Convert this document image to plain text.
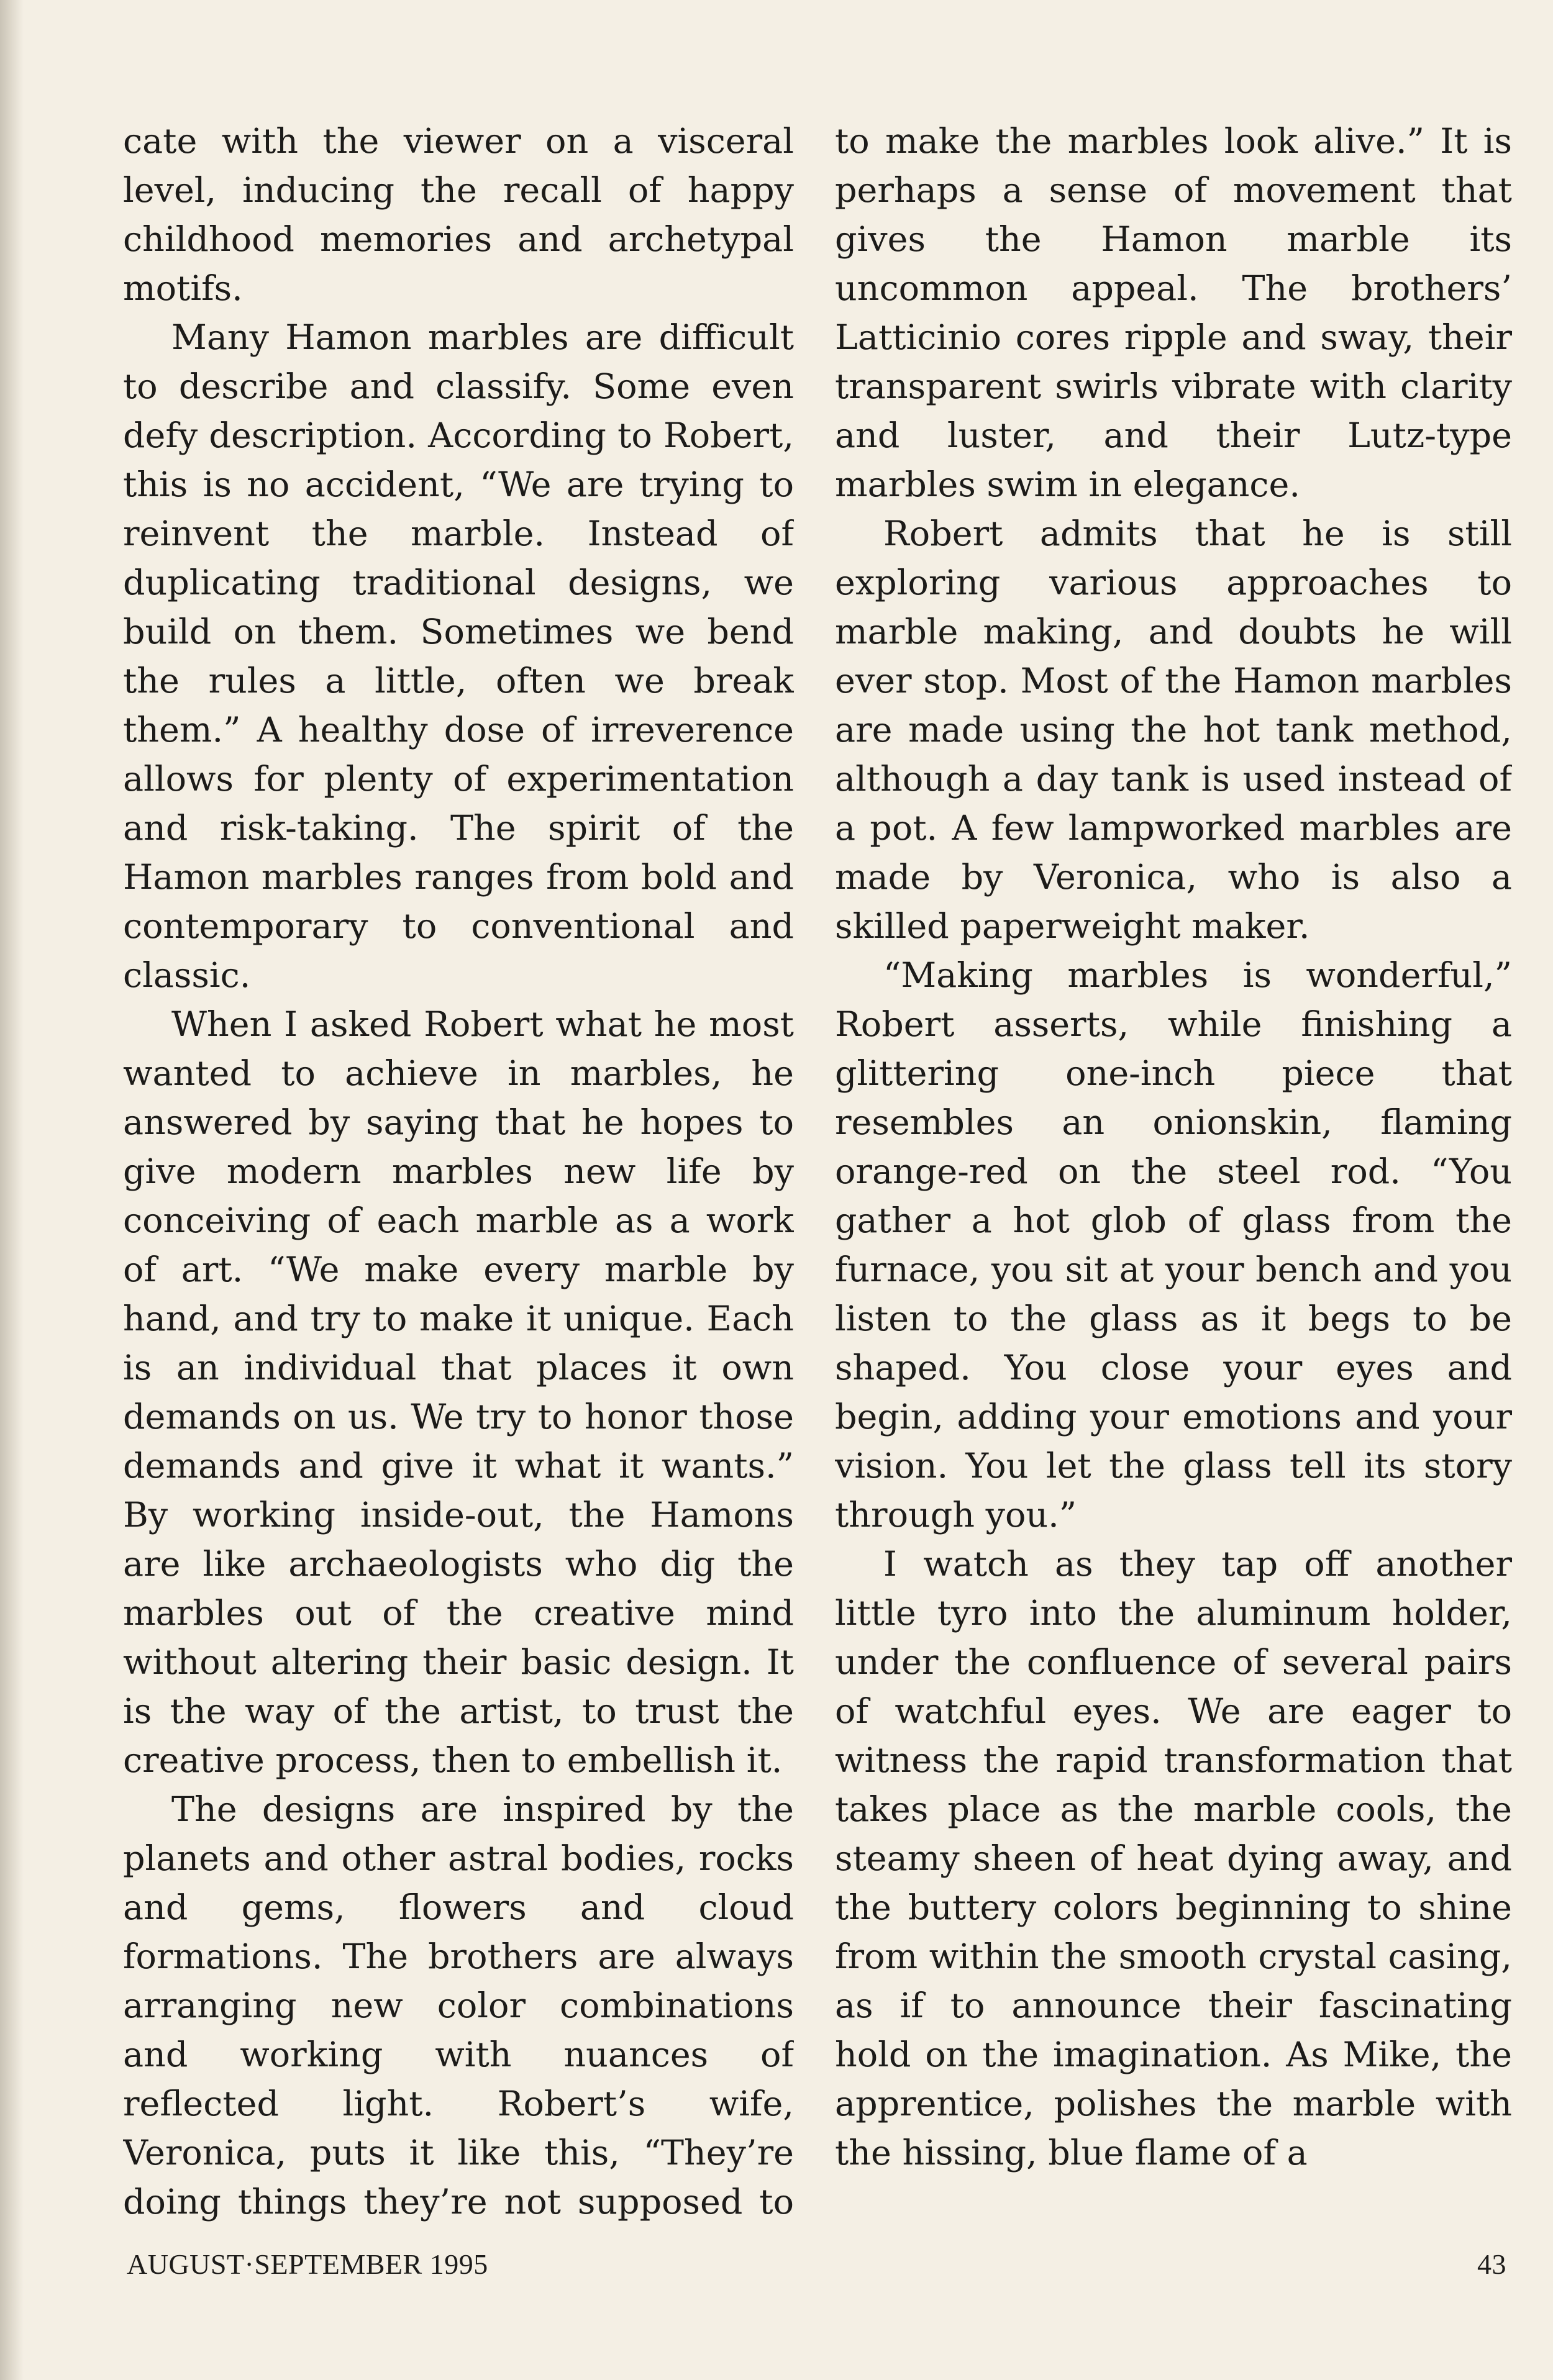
cate with the viewer on a visceral level, inducing the recall of happy childhood memories and archetypal motifs.

Many Hamon marbles are difficult to describe and classify. Some even defy description. According to Robert, this is no accident, “We are trying to reinvent the marble. Instead of duplicating traditional designs, we build on them. Sometimes we bend the rules a little, often we break them.” A healthy dose of irreverence allows for plenty of experimentation and risk-taking. The spirit of the Hamon marbles ranges from bold and contemporary to conventional and classic.

When I asked Robert what he most wanted to achieve in marbles, he answered by saying that he hopes to give modern marbles new life by conceiving of each marble as a work of art. “We make every marble by hand, and try to make it unique. Each is an individual that places it own demands on us. We try to honor those demands and give it what it wants.” By working inside-out, the Hamons are like archaeologists who dig the marbles out of the creative mind without altering their basic design. It is the way of the artist, to trust the creative process, then to embellish it.

The designs are inspired by the planets and other astral bodies, rocks and gems, flowers and cloud formations. The brothers are always arranging new color combinations and working with nuances of reflected light. Robert’s wife, Veronica, puts it like this, “They’re doing things they’re not supposed to

to make the marbles look alive.” It is perhaps a sense of movement that gives the Hamon marble its uncommon appeal. The brothers’ Latticinio cores ripple and sway, their transparent swirls vibrate with clarity and luster, and their Lutz-type marbles swim in elegance.

Robert admits that he is still exploring various approaches to marble making, and doubts he will ever stop. Most of the Hamon marbles are made using the hot tank method, although a day tank is used instead of a pot. A few lampworked marbles are made by Veronica, who is also a skilled paperweight maker.

“Making marbles is wonderful,” Robert asserts, while finishing a glittering one-inch piece that resembles an onionskin, flaming orange-red on the steel rod. “You gather a hot glob of glass from the furnace, you sit at your bench and you listen to the glass as it begs to be shaped. You close your eyes and begin, adding your emotions and your vision. You let the glass tell its story through you.”

I watch as they tap off another little tyro into the aluminum holder, under the confluence of several pairs of watchful eyes. We are eager to witness the rapid transformation that takes place as the marble cools, the steamy sheen of heat dying away, and the buttery colors beginning to shine from within the smooth crystal casing, as if to announce their fascinating hold on the imagination. As Mike, the apprentice, polishes the marble with the hissing, blue flame of a

AUGUST·SEPTEMBER 1995	43
